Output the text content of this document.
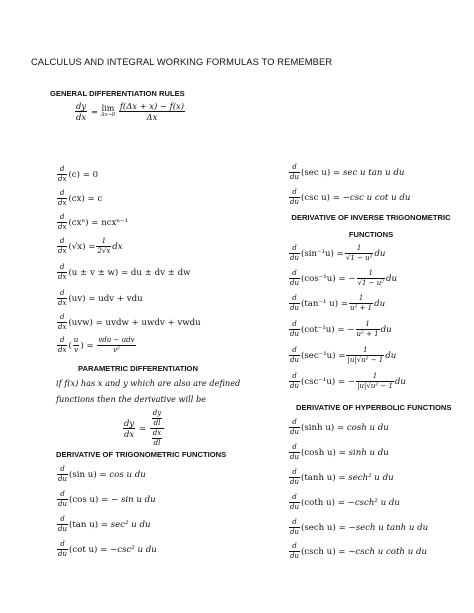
CALCULUS AND INTEGRAL WORKING FORMULAS TO REMEMBER
GENERAL DIFFERENTIATION RULES
$\frac{dy}{dx} = \lim$
Δx→0
$\frac{f(\Delta x + x) - f(x)}{\Delta x}$
$\frac{d}{dx} (c) = 0$
$\frac{d}{dx} (cx) = c$
$\frac{d}{dx} (cx^n) = ncx^{n-1}$
$\frac{d}{dx} (√x) = \frac{1}{2√x}$ dx
$\frac{d}{dx} (u \pm v \pm w)$ = du ± dv ± dw
$\frac{d}{dx} (uv)$ = udv + vdu
$\frac{d}{dx} (uvw)$ = uvdw + uwdv + vwdu
$\frac{d}{dx}$ ( $\frac{u}{v}$ ) = $\frac{\text{vdu − udv}}{\text{v²}}$
PARAMETRIC DIFFERENTIATION
if f(x) has x and y which are also are defined
functions then the derivative will be
$\frac{dy}{dx} = \frac{\frac{dy}{dl}}{\frac{dx}{dl}}$
DERIVATIVE OF TRIGONOMETRIC FUNCTIONS
$\frac{d}{du} (\sin$ u) = cos u du
$\frac{d}{du} (\cos$ u) = − sin u du
$\frac{d}{du} (\tan$ u) = sec² u du
$\frac{d}{du} (\cot$ u) = −csc² u du
$\frac{d}{du} (\sec$ u) = sec u tan u du
$\frac{d}{du} (\csc$ u) = −csc u cot u du
DERIVATIVE OF INVERSE TRIGONOMETRIC
FUNCTIONS
$\frac{d}{du} (\sin^{-1}u) = \frac{1}{\text{√1 − u²}}$ du
$\frac{d}{du} (\cos^{-1}u)$ = − $\frac{1}{\text{√1 − u²}}$ du
$\frac{d}{du} (\tan^{-1}$ $u) = \frac{1}{\text{u² + 1}}$ du
$\frac{d}{du} (\cot^{-1}u)$ = − $\frac{1}{\text{u² + 1}}$ du
$\frac{d}{du} (\sec^{-1}u) = \frac{1}{\text{|u|√u² − 1}}$ du
$\frac{d}{du} (\csc^{-1}u)$ = − $\frac{1}{\text{|u|√u² − 1}}$ du
DERIVATIVE OF HYPERBOLIC FUNCTIONS
$\frac{d}{du} (\sinh$ u) = cosh u du
$\frac{d}{du} (\cosh$ u) = sinh u du
$\frac{d}{du} (\tanh$ u) = sech² u du
$\frac{d}{du} (\cot h$ u) = −csch² u du
$\frac{d}{du} (\sec h$ u) = −sech u tanh u du
$\frac{d}{du} (\csc h$ u) = −csch u coth u du
